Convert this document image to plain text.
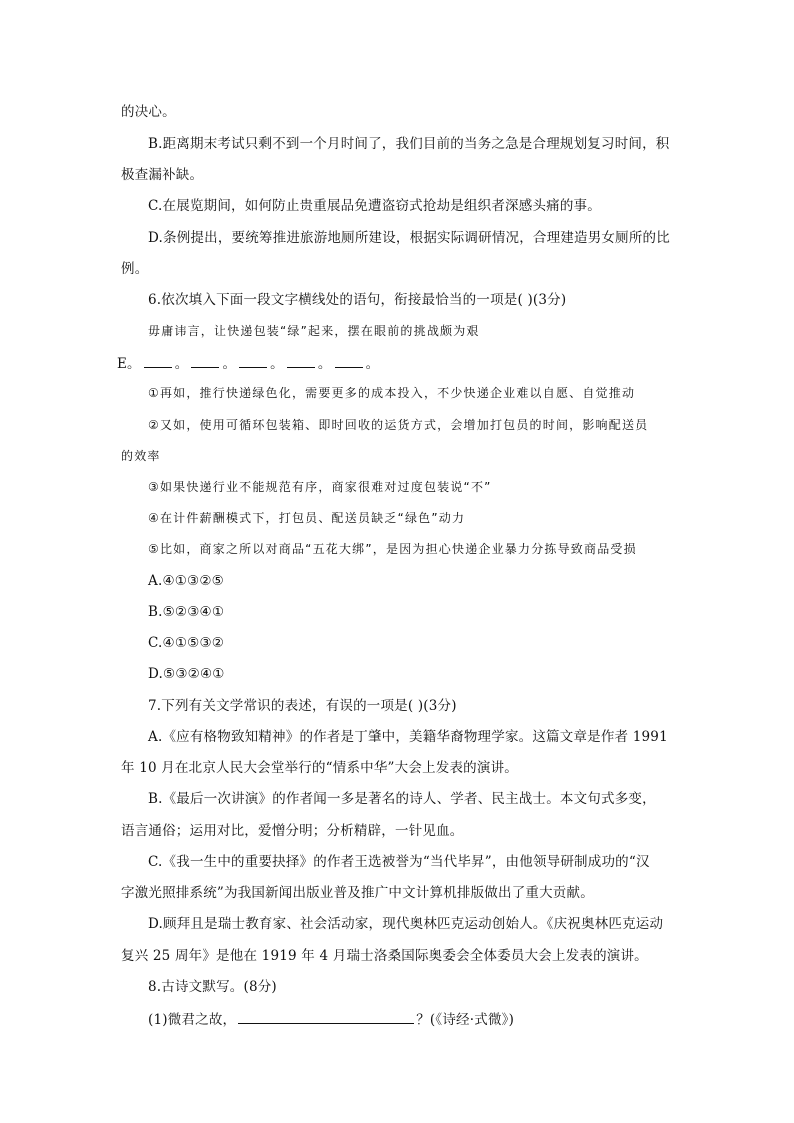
的决心。
B.距离期末考试只剩不到一个月时间了，我们目前的当务之急是合理规划复习时间，积
极查漏补缺。
C.在展览期间，如何防止贵重展品免遭盗窃式抢劫是组织者深感头痛的事。
D.条例提出，要统筹推进旅游地厕所建设，根据实际调研情况，合理建造男女厕所的比
例。
6.依次填入下面一段文字横线处的语句，衔接最恰当的一项是( )(3分)
毋庸讳言，让快递包装“绿”起来，摆在眼前的挑战颇为艰
E。	。	。	。	。	。
①再如，推行快递绿色化，需要更多的成本投入，不少快递企业难以自愿、自觉推动
②又如，使用可循环包装箱、即时回收的运货方式，会增加打包员的时间，影响配送员
的效率
③如果快递行业不能规范有序，商家很难对过度包装说“不”
④在计件薪酬模式下，打包员、配送员缺乏“绿色”动力
⑤比如，商家之所以对商品“五花大绑”，是因为担心快递企业暴力分拣导致商品受损
A.④①③②⑤
B.⑤②③④①
C.④①⑤③②
D.⑤③②④①
7.下列有关文学常识的表述，有误的一项是( )(3分)
A.《应有格物致知精神》的作者是丁肇中，美籍华裔物理学家。这篇文章是作者 1991
年 10 月在北京人民大会堂举行的“情系中华”大会上发表的演讲。
B.《最后一次讲演》的作者闻一多是著名的诗人、学者、民主战士。本文句式多变，
语言通俗；运用对比，爱憎分明；分析精辟，一针见血。
C.《我一生中的重要抉择》的作者王选被誉为“当代毕昇”，由他领导研制成功的“汉
字激光照排系统”为我国新闻出版业普及推广中文计算机排版做出了重大贡献。
D.顾拜且是瑞士教育家、社会活动家，现代奥林匹克运动创始人。《庆祝奥林匹克运动
复兴 25 周年》是他在 1919 年 4 月瑞士洛桑国际奥委会全体委员大会上发表的演讲。
8.古诗文默写。(8分)
(1)微君之故，	？(《诗经·式微》)
